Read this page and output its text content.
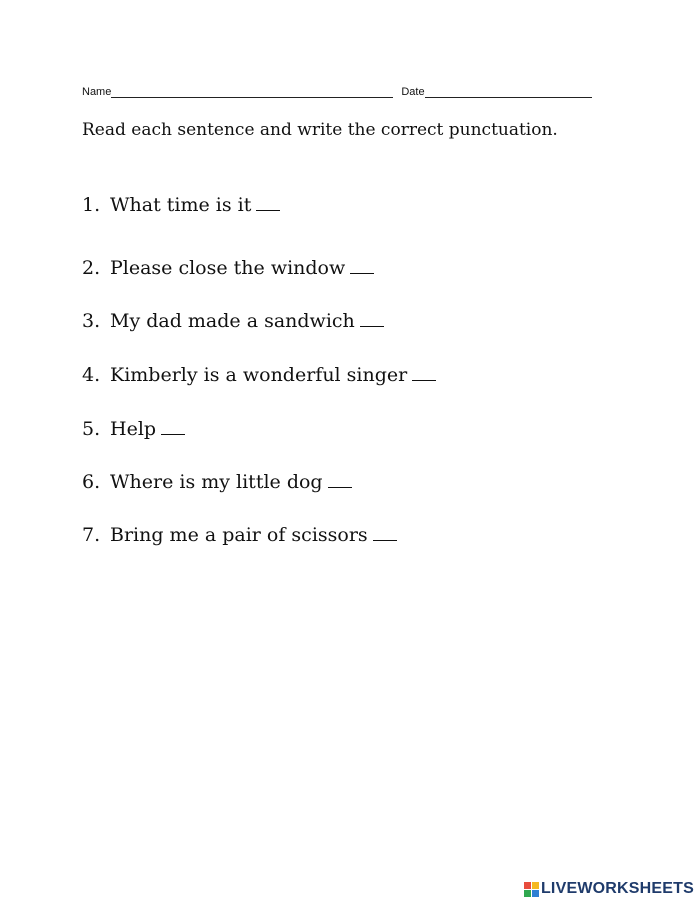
Name	Date
Read each sentence and write the correct punctuation.
1. What time is it
2. Please close the window
3. My dad made a sandwich
4. Kimberly is a wonderful singer
5. Help
6. Where is my little dog
7. Bring me a pair of scissors
LIVEWORKSHEETS
